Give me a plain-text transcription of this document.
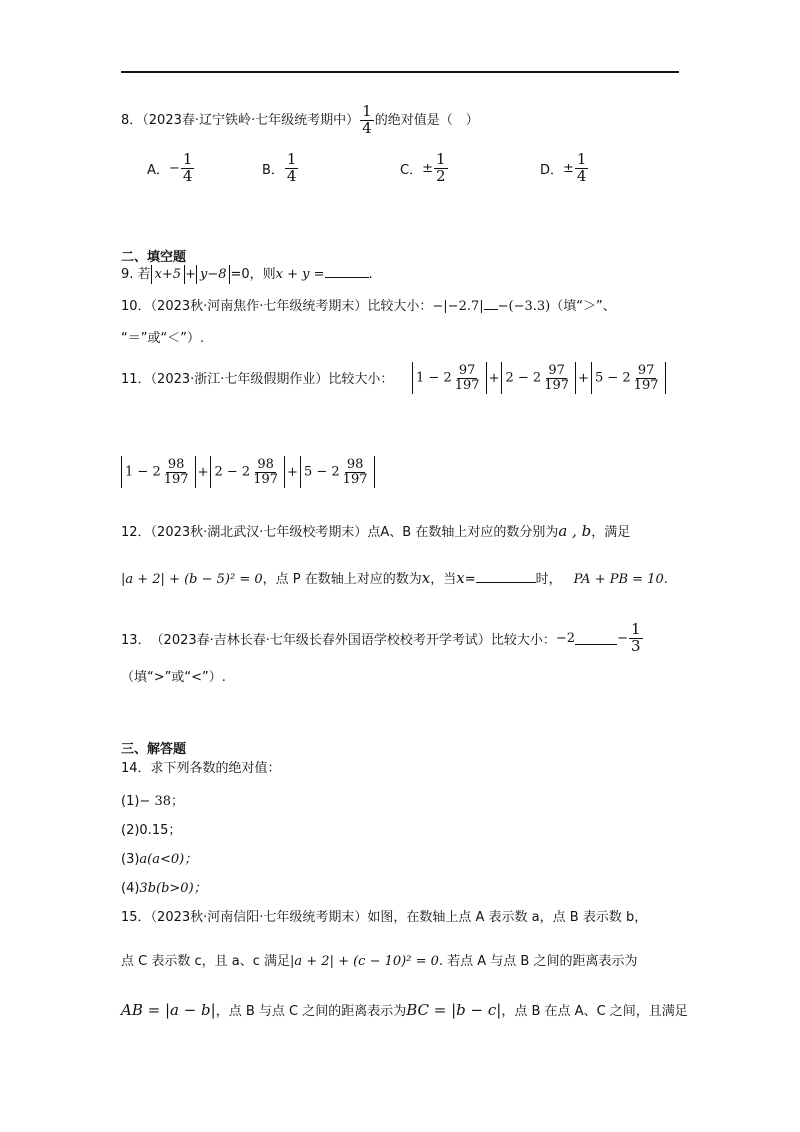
8．（2023春·辽宁铁岭·七年级统考期中） $\frac{1}{4}$ 的绝对值是（　）
A． − $\frac{1}{4}$	B． $\frac{1}{4}$	C． ± $\frac{1}{2}$	D． ± $\frac{1}{4}$
二、填空题
9. 若 x+5 + y−8 =0，则x + y =	.
10．（2023秋·河南焦作·七年级统考期末）比较大小：−|−2.7| −(−3.3)（填“＞”、
“＝”或“＜”）.
11．（2023·浙江·七年级假期作业）比较大小：	$1 - 2 \frac{97}{197} + 2 - 2 \frac{97}{197} + 5 - 2 \frac{97}{197}$
$1 - 2 \frac{98}{197} + 2 - 2 \frac{98}{197} + 5 - 2 \frac{98}{197}$
12．（2023秋·湖北武汉·七年级校考期末）点A、B 在数轴上对应的数分别为a , b，满足
|a + 2| + (b − 5)² = 0，点 P 在数轴上对应的数为x，当x=	时， PA + PB = 10.
13． （2023春·吉林长春·七年级长春外国语学校校考开学考试）比较大小： −2	− $\frac{1}{3}$
（填“>”或“<”）.
三、解答题
14．求下列各数的绝对值：
(1)− 38；
(2)0.15；
(3)a(a<0)；
(4)3b(b>0)；
15．（2023秋·河南信阳·七年级统考期末）如图，在数轴上点 A 表示数 a，点 B 表示数 b，
点 C 表示数 c，且 a、c 满足|a + 2| + (c − 10)² = 0. 若点 A 与点 B 之间的距离表示为
AB = |a − b|，点 B 与点 C 之间的距离表示为BC = |b − c|，点 B 在点 A、C 之间，且满足
